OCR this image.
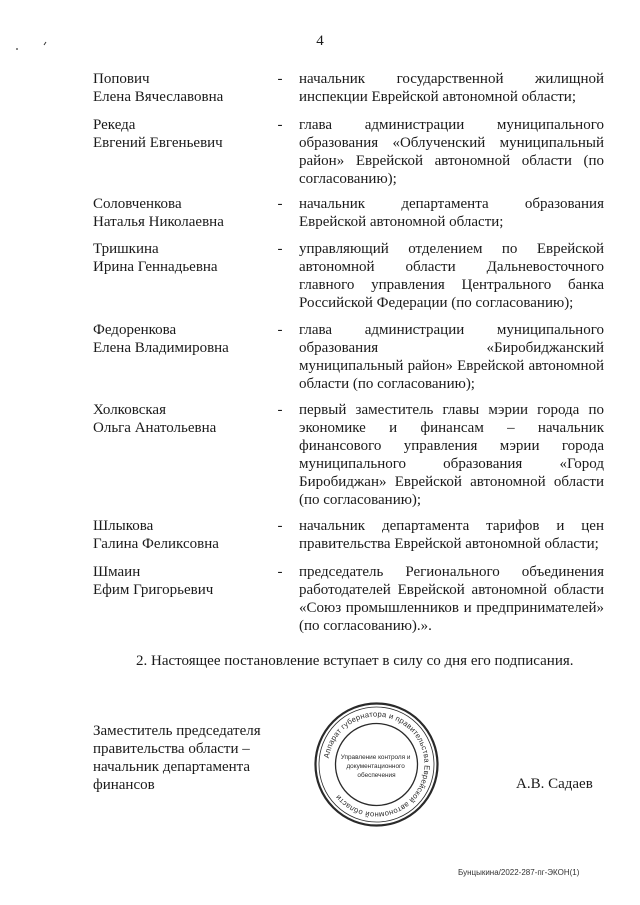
4
Попович
Елена Вячеславовна
- начальник государственной жилищной инспекции Еврейской автономной области;
Рекеда
Евгений Евгеньевич
- глава администрации муниципального образования «Облученский муниципальный район» Еврейской автономной области (по согласованию);
Соловченкова
Наталья Николаевна
- начальник департамента образования Еврейской автономной области;
Тришкина
Ирина Геннадьевна
- управляющий отделением по Еврейской автономной области Дальневосточного главного управления Центрального банка Российской Федерации (по согласованию);
Федоренкова
Елена Владимировна
- глава администрации муниципального образования «Биробиджанский муниципальный район» Еврейской автономной области (по согласованию);
Холковская
Ольга Анатольевна
- первый заместитель главы мэрии города по экономике и финансам – начальник финансового управления мэрии города муниципального образования «Город Биробиджан» Еврейской автономной области (по согласованию);
Шлыкова
Галина Феликсовна
- начальник департамента тарифов и цен правительства Еврейской автономной области;
Шмаин
Ефим Григорьевич
- председатель Регионального объединения работодателей Еврейской автономной области «Союз промышленников и предпринимателей» (по согласованию).».
2. Настоящее постановление вступает в силу со дня его подписания.
Заместитель председателя правительства области – начальник департамента финансов
Аппарат губернатора и правительства Еврейской автономной области
Управление контроля и документационного обеспечения
А.В. Садаев
Бунцыкина/2022-287-пг-ЭКОН(1)
